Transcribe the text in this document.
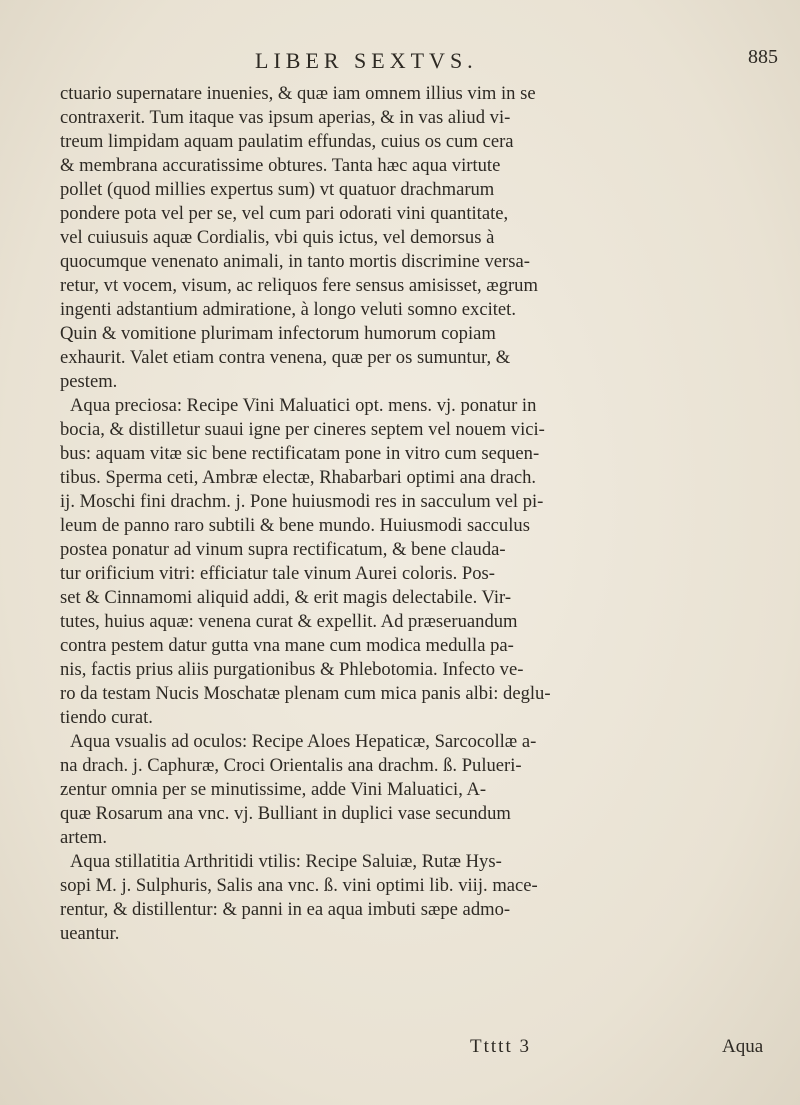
LIBER SEXTVS.	885
ctuario supernatare inuenies, & quæ iam omnem illius vim in se
contraxerit. Tum itaque vas ipsum aperias, & in vas aliud vi-
treum limpidam aquam paulatim effundas, cuius os cum cera
& membrana accuratissime obtures. Tanta hæc aqua virtute
pollet (quod millies expertus sum) vt quatuor drachmarum
pondere pota vel per se, vel cum pari odorati vini quantitate,
vel cuiusuis aquæ Cordialis, vbi quis ictus, vel demorsus à
quocumque venenato animali, in tanto mortis discrimine versa-
retur, vt vocem, visum, ac reliquos fere sensus amisisset, ægrum
ingenti adstantium admiratione, à longo veluti somno excitet.
Quin & vomitione plurimam infectorum humorum copiam
exhaurit. Valet etiam contra venena, quæ per os sumuntur, &
pestem.
Aqua preciosa: Recipe Vini Maluatici opt. mens. vj. ponatur in
bocia, & distilletur suaui igne per cineres septem vel nouem vici-
bus: aquam vitæ sic bene rectificatam pone in vitro cum sequen-
tibus. Sperma ceti, Ambræ electæ, Rhabarbari optimi ana drach.
ij. Moschi fini drachm. j. Pone huiusmodi res in sacculum vel pi-
leum de panno raro subtili & bene mundo. Huiusmodi sacculus
postea ponatur ad vinum supra rectificatum, & bene clauda-
tur orificium vitri: efficiatur tale vinum Aurei coloris. Pos-
set & Cinnamomi aliquid addi, & erit magis delectabile. Vir-
tutes, huius aquæ: venena curat & expellit. Ad præseruandum
contra pestem datur gutta vna mane cum modica medulla pa-
nis, factis prius aliis purgationibus & Phlebotomia. Infecto ve-
ro da testam Nucis Moschatæ plenam cum mica panis albi: deglu-
tiendo curat.
Aqua vsualis ad oculos: Recipe Aloes Hepaticæ, Sarcocollæ a-
na drach. j. Caphuræ, Croci Orientalis ana drachm. ß. Pulueri-
zentur omnia per se minutissime, adde Vini Maluatici, A-
quæ Rosarum ana vnc. vj. Bulliant in duplici vase secundum
artem.
Aqua stillatitia Arthritidi vtilis: Recipe Saluiæ, Rutæ Hys-
sopi M. j. Sulphuris, Salis ana vnc. ß. vini optimi lib. viij. mace-
rentur, & distillentur: & panni in ea aqua imbuti sæpe admo-
ueantur.
Ttttt 3	Aqua
